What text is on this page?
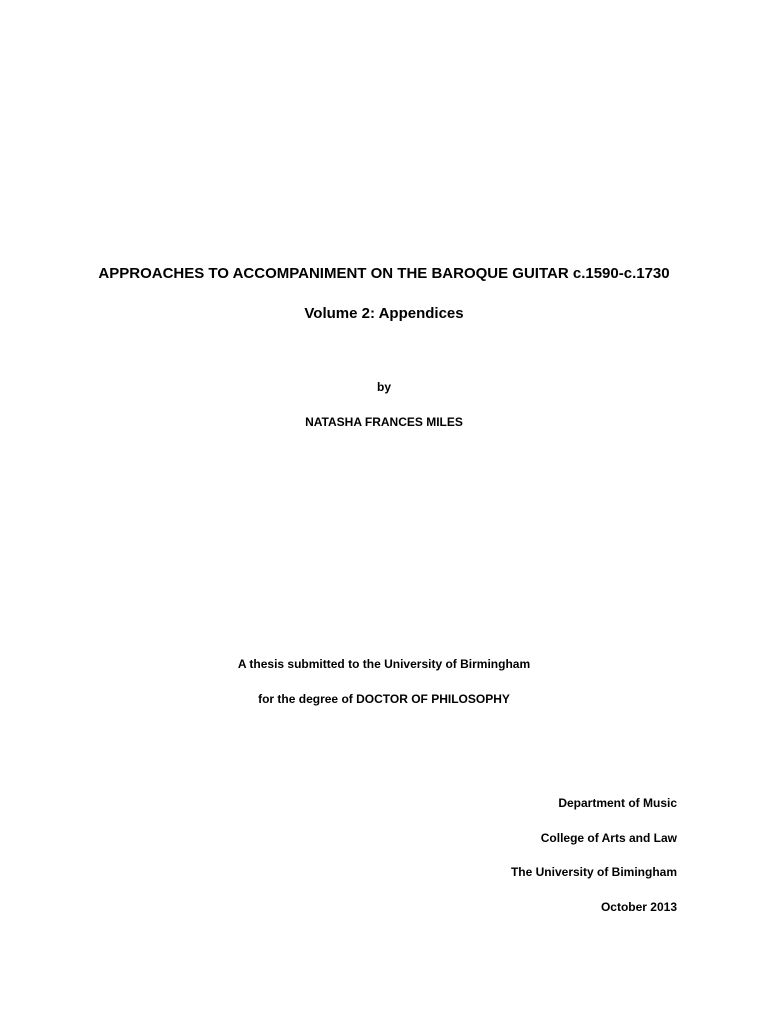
APPROACHES TO ACCOMPANIMENT ON THE BAROQUE GUITAR c.1590-c.1730
Volume 2: Appendices
by
NATASHA FRANCES MILES
A thesis submitted to the University of Birmingham
for the degree of DOCTOR OF PHILOSOPHY
Department of Music
College of Arts and Law
The University of Bimingham
October 2013
